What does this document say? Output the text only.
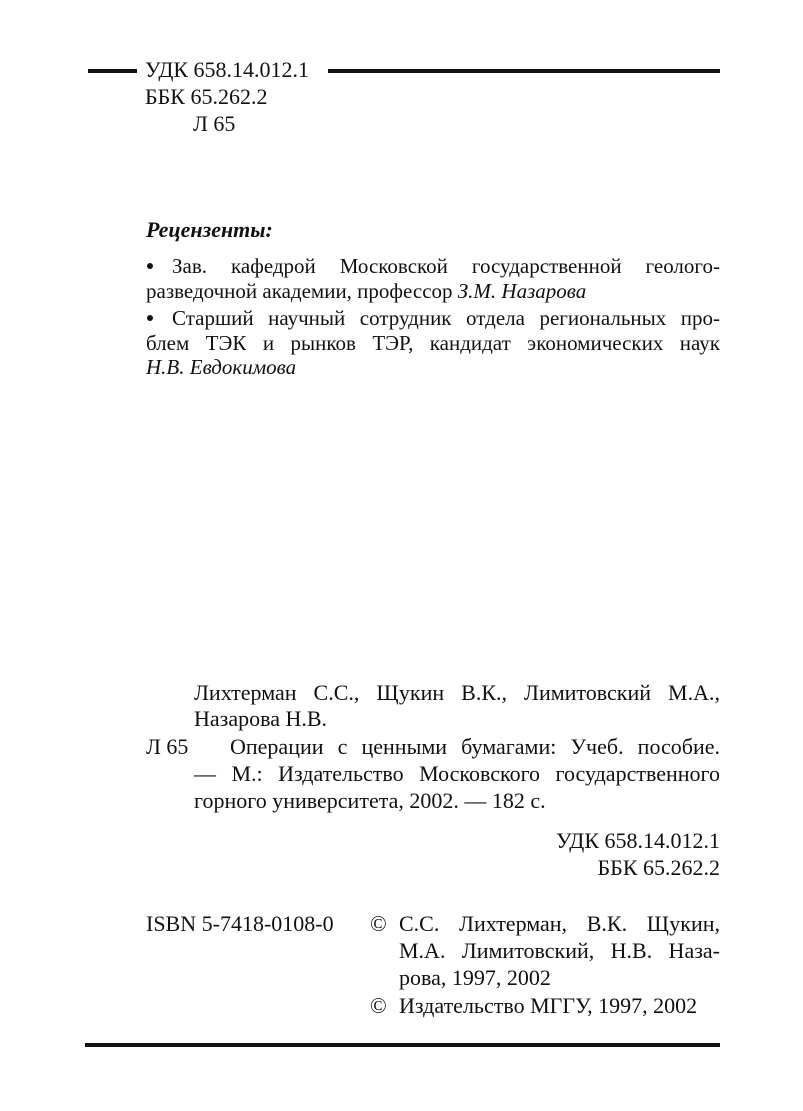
УДК 658.14.012.1
ББК 65.262.2
Л 65
Рецензенты:
Зав. кафедрой Московской государственной геолого-
разведочной академии, профессор З.М. Назарова
Старший научный сотрудник отдела региональных про-
блем ТЭК и рынков ТЭР, кандидат экономических наук
Н.В. Евдокимова
Лихтерман С.С., Щукин В.К., Лимитовский М.А.,
Назарова Н.В.
Л 65 Операции с ценными бумагами: Учеб. пособие.
— М.: Издательство Московского государственного
горного университета, 2002. — 182 с.
УДК 658.14.012.1
ББК 65.262.2
ISBN 5-7418-0108-0 © С.С. Лихтерман, В.К. Щукин,
М.А. Лимитовский, Н.В. Наза-
рова, 1997, 2002
© Издательство МГГУ, 1997, 2002
